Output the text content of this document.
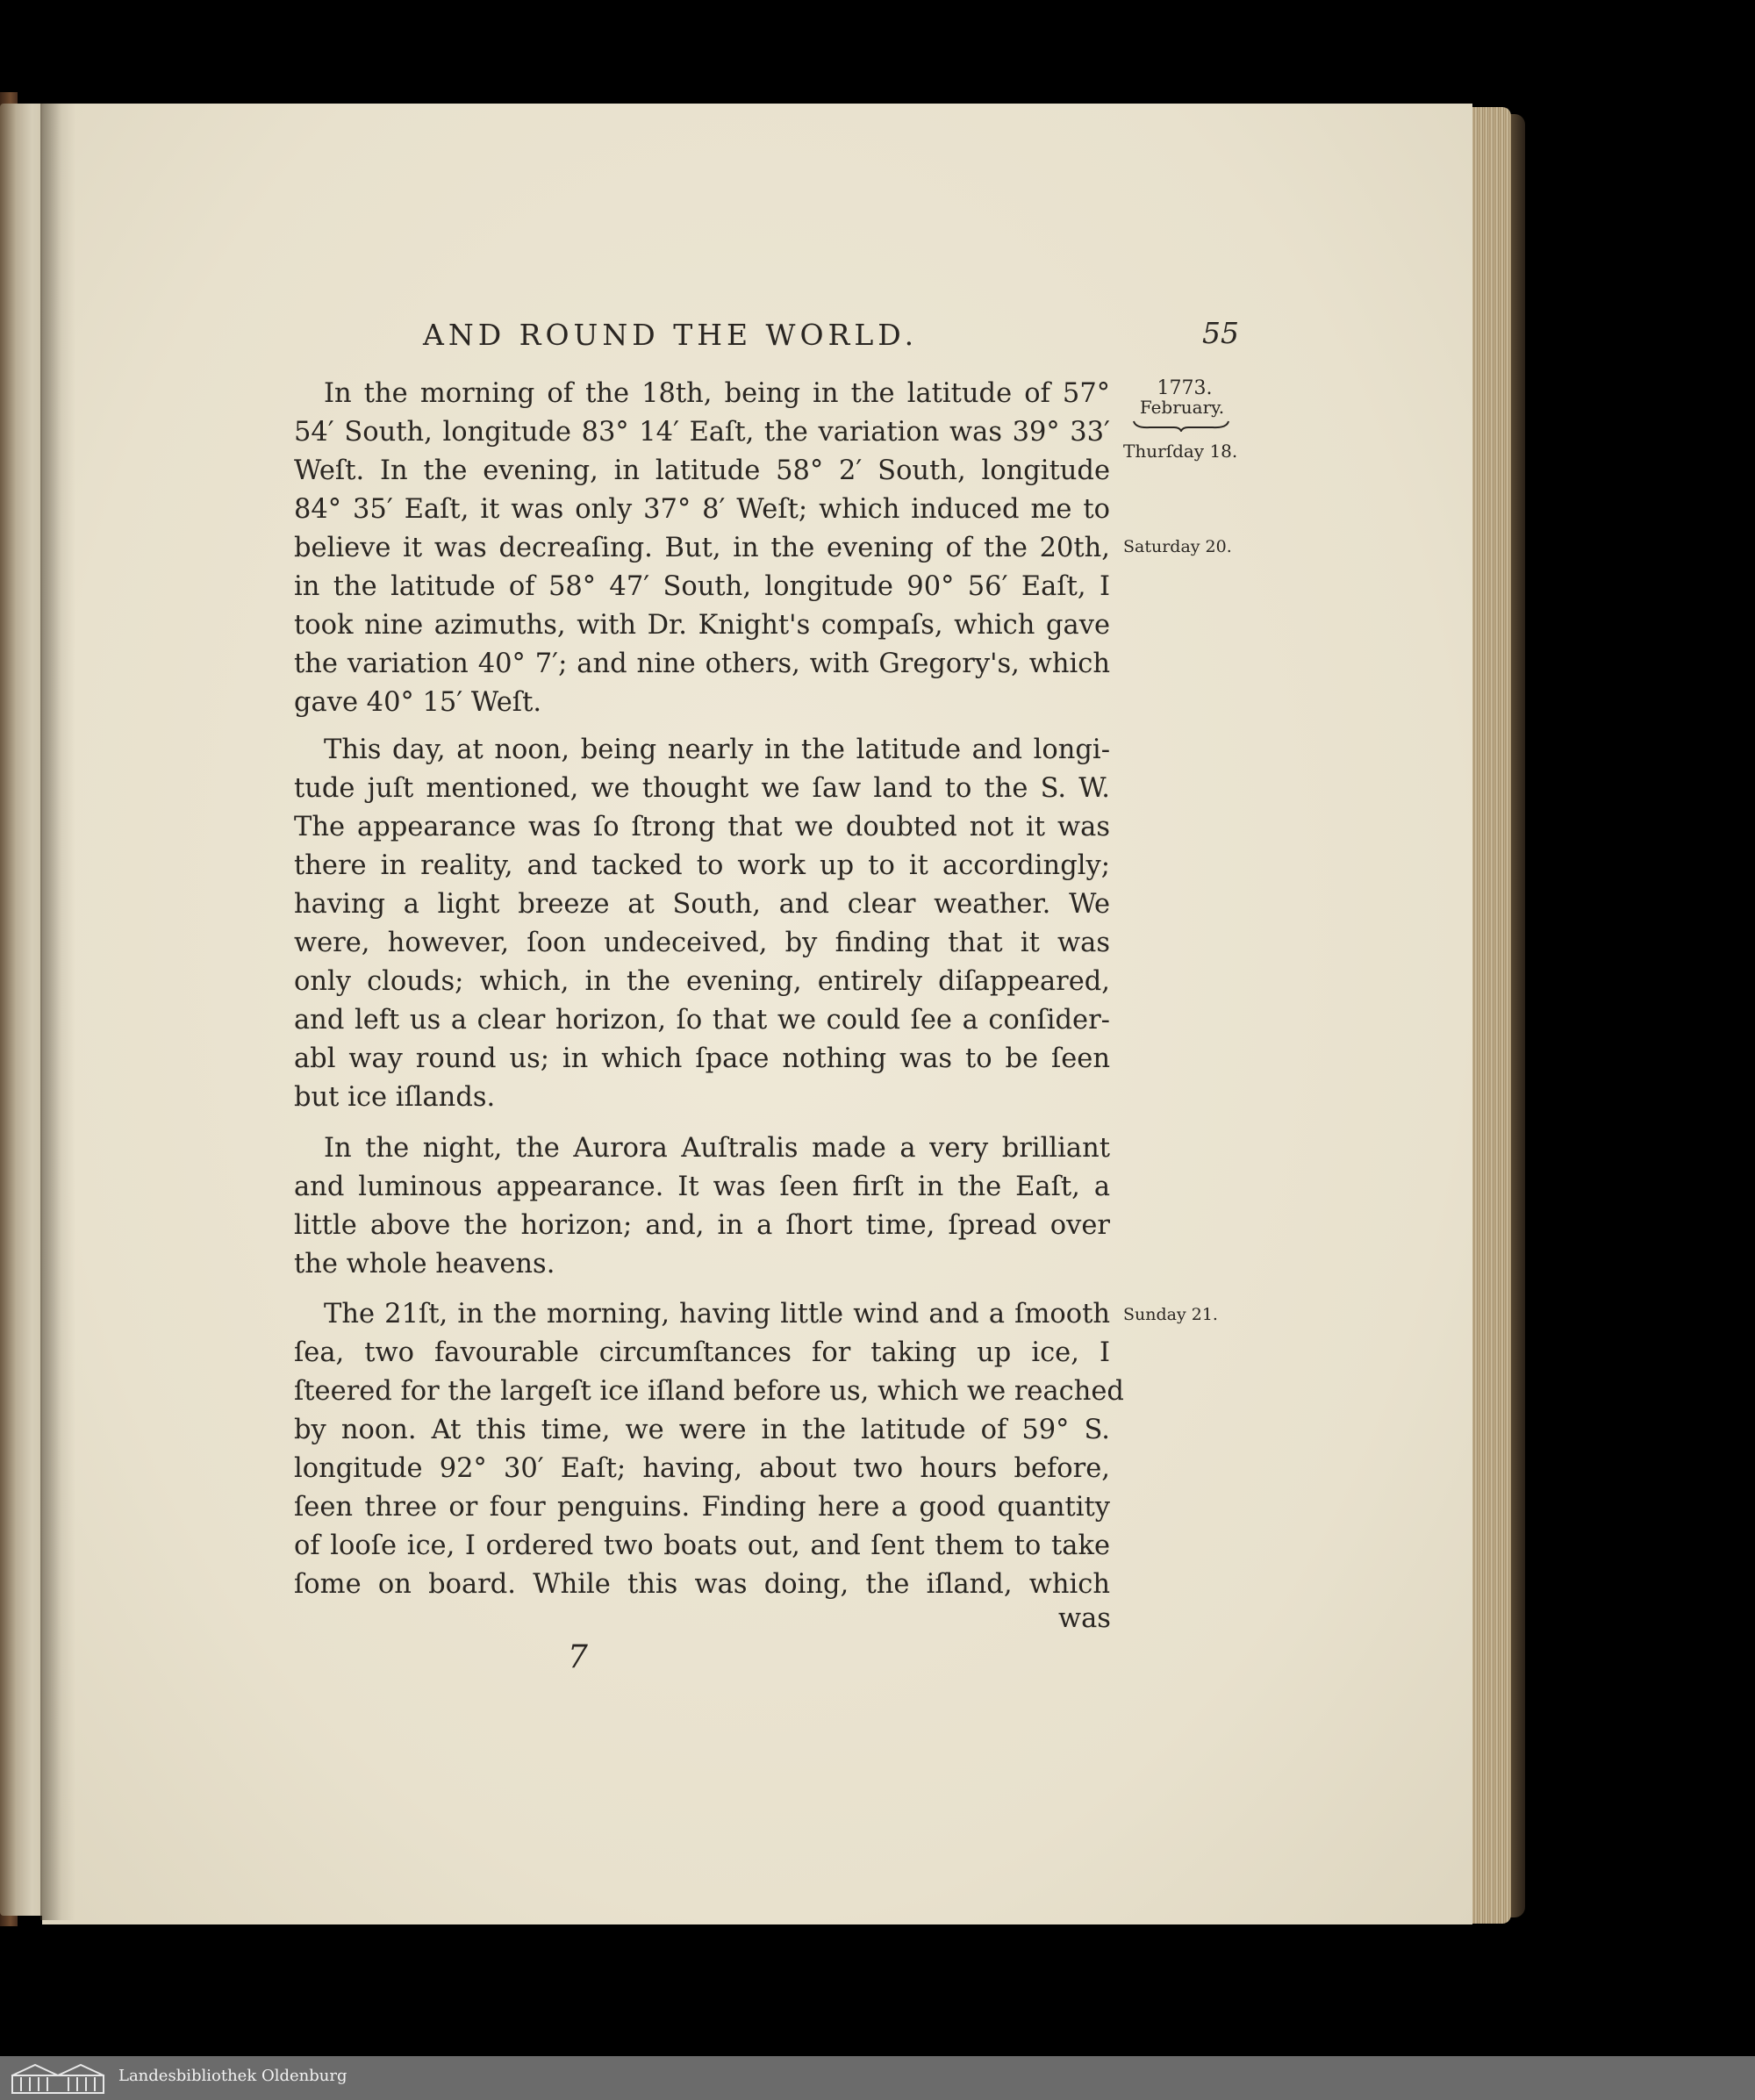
AND ROUND THE WORLD.	55
1773.
February.
Thurſday 18.
Saturday 20.
Sunday 21.
In the morning of the 18th, being in the latitude of 57°
54′ South, longitude 83° 14′ Eaſt, the variation was 39° 33′
Weſt. In the evening, in latitude 58° 2′ South, longitude
84° 35′ Eaſt, it was only 37° 8′ Weſt; which induced me to
believe it was decreaſing. But, in the evening of the 20th,
in the latitude of 58° 47′ South, longitude 90° 56′ Eaſt, I
took nine azimuths, with Dr. Knight's compaſs, which gave
the variation 40° 7′; and nine others, with Gregory's, which
gave 40° 15′ Weſt.
This day, at noon, being nearly in the latitude and longi-
tude juſt mentioned, we thought we ſaw land to the S. W.
The appearance was ſo ſtrong that we doubted not it was
there in reality, and tacked to work up to it accordingly;
having a light breeze at South, and clear weather. We
were, however, ſoon undeceived, by finding that it was
only clouds; which, in the evening, entirely diſappeared,
and left us a clear horizon, ſo that we could ſee a conſider-
abl way round us; in which ſpace nothing was to be ſeen
but ice iſlands.
In the night, the Aurora Auſtralis made a very brilliant
and luminous appearance. It was ſeen firſt in the Eaſt, a
little above the horizon; and, in a ſhort time, ſpread over
the whole heavens.
The 21ſt, in the morning, having little wind and a ſmooth
ſea, two favourable circumſtances for taking up ice, I
ſteered for the largeſt ice iſland before us, which we reached
by noon. At this time, we were in the latitude of 59° S.
longitude 92° 30′ Eaſt; having, about two hours before,
ſeen three or four penguins. Finding here a good quantity
of looſe ice, I ordered two boats out, and ſent them to take
ſome on board. While this was doing, the iſland, which
was
7
Landesbibliothek Oldenburg
